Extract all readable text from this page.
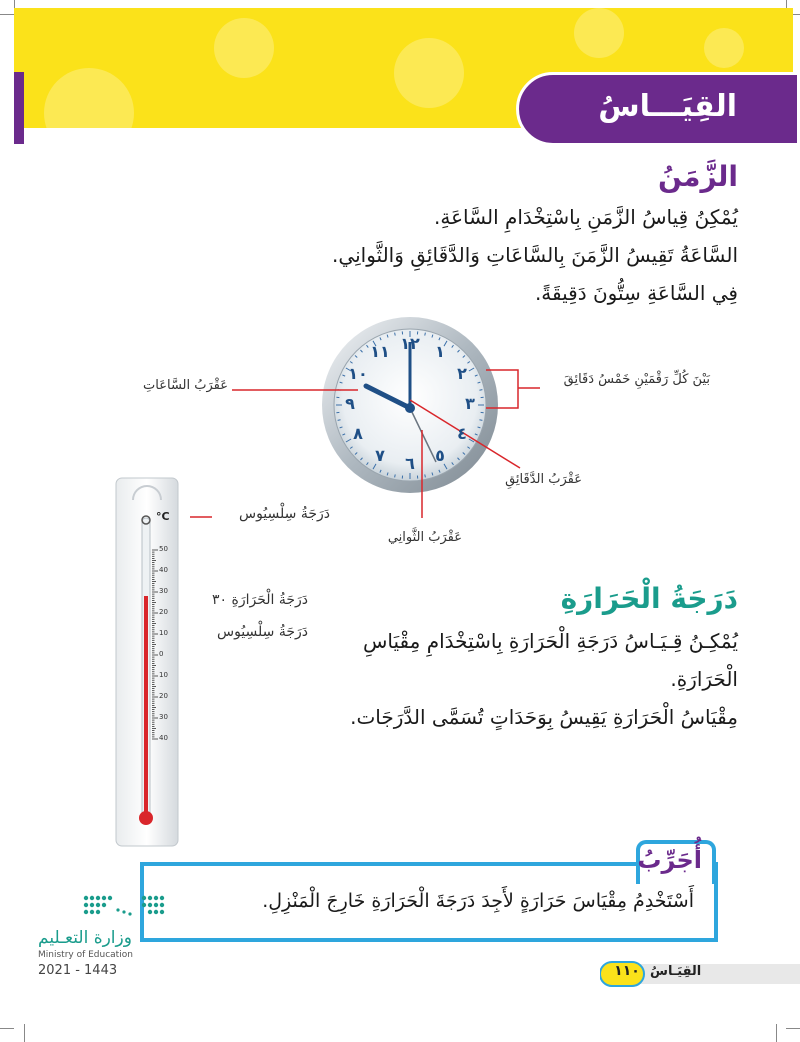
القِيَـــاسُ
الزَّمَنُ
يُمْكِنُ قِياسُ الزَّمَنِ بِاسْتِخْدَامِ السَّاعَةِ.
السَّاعَةُ تَقِيسُ الزَّمَنَ بِالسَّاعَاتِ وَالدَّقَائِقِ وَالثَّوانِي.
فِي السَّاعَةِ سِتُّونَ دَقِيقَةً.
١٢ ١
٢
٣
٤
٥
٦
٧
٨
٩
١٠
١١
عَقْرَبُ السَّاعَاتِ	بَيْنَ كُلِّ رَقْمَيْنِ خَمْسُ دَقَائِقَ
عَقْرَبُ الدَّقَائِقِ
عَقْرَبُ الثَّوانِي
°C
50
40
30
20
10
0
10
20
30
40
دَرَجَةُ سِلْسِيُوس
دَرَجَةُ الْحَرَارَةِ ٣٠
دَرَجَةُ سِلْسِيُوس
دَرَجَةُ الْحَرَارَةِ
يُمْكِـنُ قِـيَـاسُ دَرَجَةِ الْحَرَارَةِ بِاسْتِخْدَامِ مِقْيَاسِ
الْحَرَارَةِ.
مِقْيَاسُ الْحَرَارَةِ يَقِيسُ بِوَحَدَاتٍ تُسَمَّى الدَّرَجَات.
أَسْتَخْدِمُ مِقْيَاسَ حَرَارَةٍ لأَجِدَ دَرَجَةَ الْحَرَارَةِ خَارِجَ الْمَنْزِلِ.
أُجَرِّبُ
وزارة التعـليم
Ministry of Education
2021 - 1443	١١٠ القِيَـاسُ
